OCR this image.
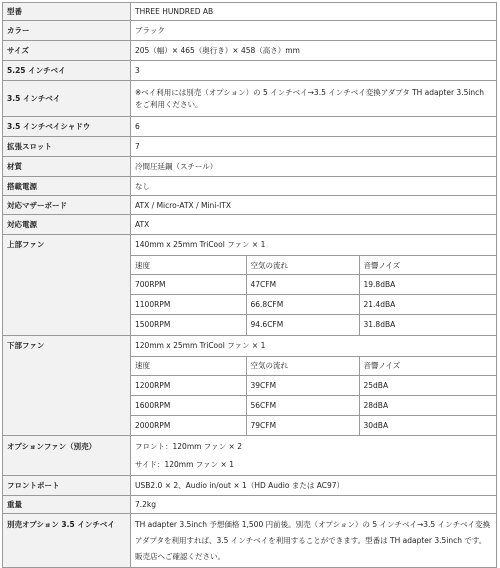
型番	THREE HUNDRED AB
カラー	ブラック
サイズ	205（幅）× 465（奥行き）× 458（高さ）mm
5.25 インチベイ	3
3.5 インチベイ	※ベイ利用には別売（オプション）の 5 インチベイ→3.5 インチベイ変換アダプタ TH adapter 3.5inch をご利用ください。
3.5 インチベイシャドウ	6
拡張スロット	7
材質	冷間圧延鋼（スチール）
搭載電源	なし
対応マザーボード	ATX / Micro-ATX / Mini-ITX
対応電源	ATX
上部ファン	140mm x 25mm TriCool ファン × 1
速度	空気の流れ	音響ノイズ
700RPM	47CFM	19.8dBA
1100RPM	66.8CFM	21.4dBA
1500RPM	94.6CFM	31.8dBA

下部ファン	120mm x 25mm TriCool ファン × 1
速度	空気の流れ	音響ノイズ
1200RPM	39CFM	25dBA
1600RPM	56CFM	28dBA
2000RPM	79CFM	30dBA

オプションファン（別売）	フロント：120mm ファン × 2
サイド：120mm ファン × 1

フロントポート	USB2.0 × 2、Audio in/out × 1（HD Audio または AC97）
重量	7.2kg
別売オプション 3.5 インチベイ	TH adapter 3.5inch 予想価格 1,500 円前後。別売（オプション）の 5 インチベイ→3.5 インチベイ変換アダプタを利用すれば、3.5 インチベイを利用することができます。型番は TH adapter 3.5inch です。販売店へご確認ください。
